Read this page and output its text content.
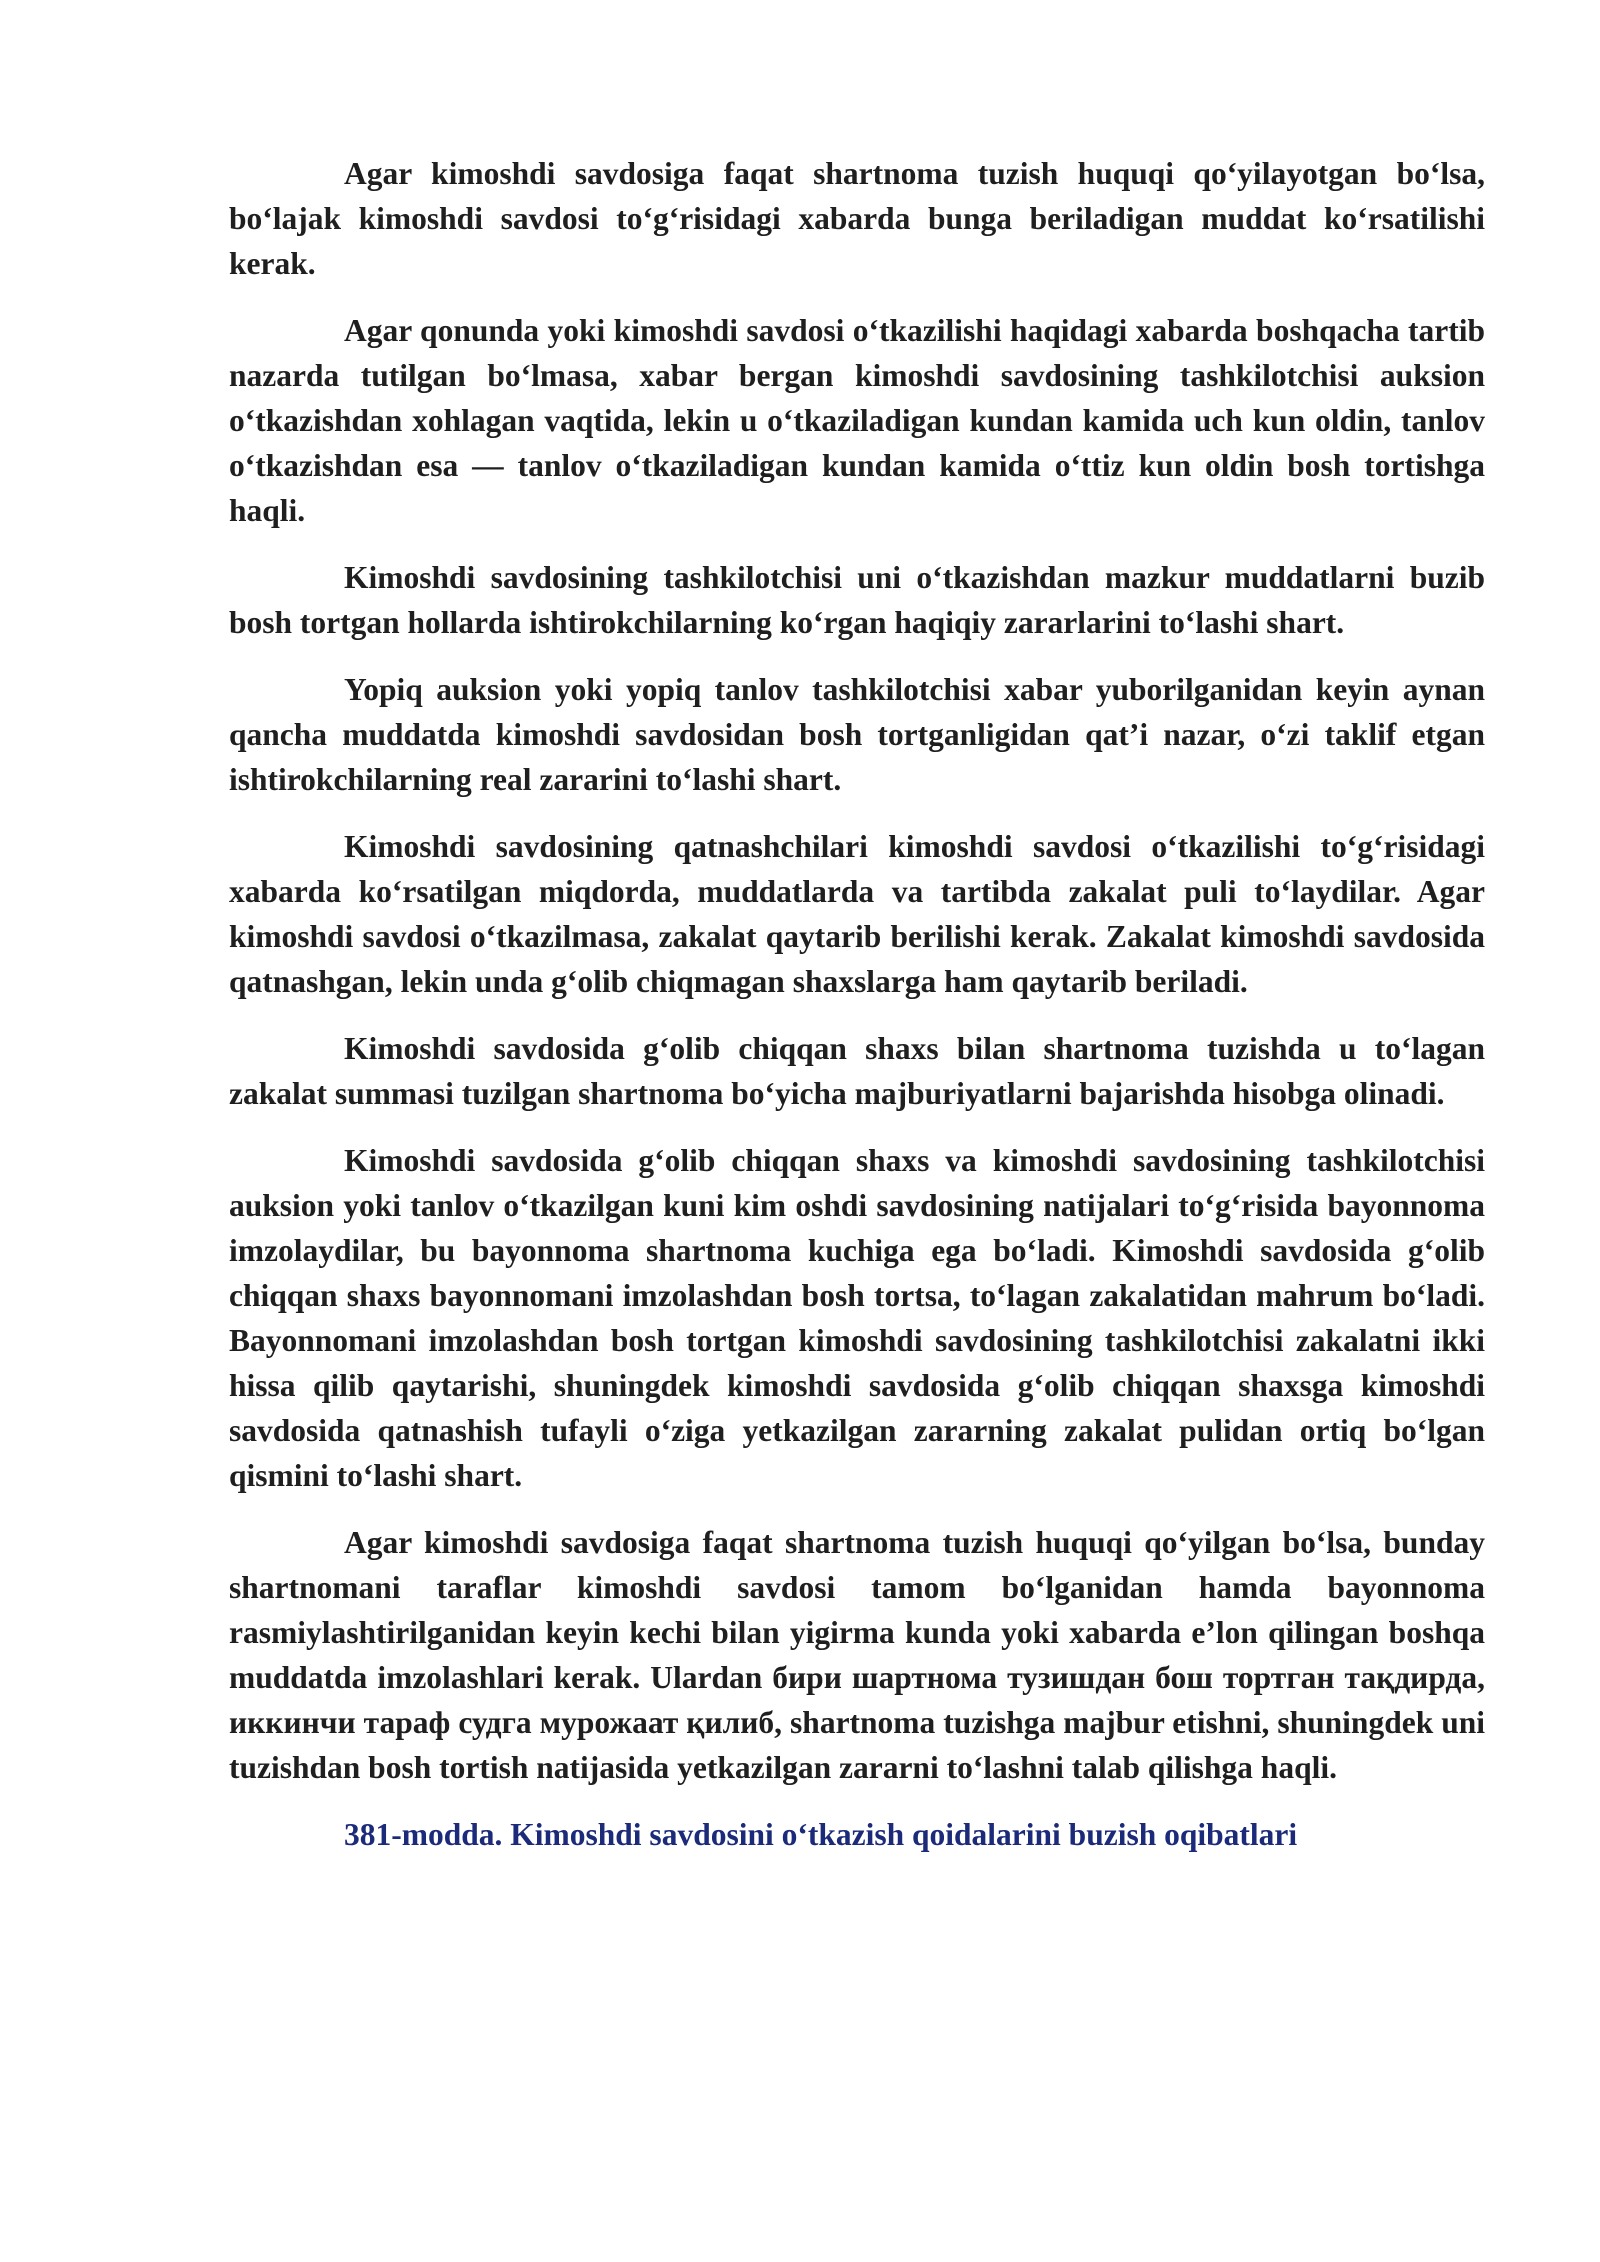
Agar kimoshdi savdosiga faqat shartnoma tuzish huquqi qo‘yilayotgan bo‘lsa, bo‘lajak kimoshdi savdosi to‘g‘risidagi xabarda bunga beriladigan muddat ko‘rsatilishi kerak.

Agar qonunda yoki kimoshdi savdosi o‘tkazilishi haqidagi xabarda boshqacha tartib nazarda tutilgan bo‘lmasa, xabar bergan kimoshdi savdosining tashkilotchisi auksion o‘tkazishdan xohlagan vaqtida, lekin u o‘tkaziladigan kundan kamida uch kun oldin, tanlov o‘tkazishdan esa — tanlov o‘tkaziladigan kundan kamida o‘ttiz kun oldin bosh tortishga haqli.

Kimoshdi savdosining tashkilotchisi uni o‘tkazishdan mazkur muddatlarni buzib bosh tortgan hollarda ishtirokchilarning ko‘rgan haqiqiy zararlarini to‘lashi shart.

Yopiq auksion yoki yopiq tanlov tashkilotchisi xabar yuborilganidan keyin aynan qancha muddatda kimoshdi savdosidan bosh tortganligidan qat’i nazar, o‘zi taklif etgan ishtirokchilarning real zararini to‘lashi shart.

Kimoshdi savdosining qatnashchilari kimoshdi savdosi o‘tkazilishi to‘g‘risidagi xabarda ko‘rsatilgan miqdorda, muddatlarda va tartibda zakalat puli to‘laydilar. Agar kimoshdi savdosi o‘tkazilmasa, zakalat qaytarib berilishi kerak. Zakalat kimoshdi savdosida qatnashgan, lekin unda g‘olib chiqmagan shaxslarga ham qaytarib beriladi.

Kimoshdi savdosida g‘olib chiqqan shaxs bilan shartnoma tuzishda u to‘lagan zakalat summasi tuzilgan shartnoma bo‘yicha majburiyatlarni bajarishda hisobga olinadi.

Kimoshdi savdosida g‘olib chiqqan shaxs va kimoshdi savdosining tashkilotchisi auksion yoki tanlov o‘tkazilgan kuni kim oshdi savdosining natijalari to‘g‘risida bayonnoma imzolaydilar, bu bayonnoma shartnoma kuchiga ega bo‘ladi. Kimoshdi savdosida g‘olib chiqqan shaxs bayonnomani imzolashdan bosh tortsa, to‘lagan zakalatidan mahrum bo‘ladi. Bayonnomani imzolashdan bosh tortgan kimoshdi savdosining tashkilotchisi zakalatni ikki hissa qilib qaytarishi, shuningdek kimoshdi savdosida g‘olib chiqqan shaxsga kimoshdi savdosida qatnashish tufayli o‘ziga yetkazilgan zararning zakalat pulidan ortiq bo‘lgan qismini to‘lashi shart.

Agar kimoshdi savdosiga faqat shartnoma tuzish huquqi qo‘yilgan bo‘lsa, bunday shartnomani taraflar kimoshdi savdosi tamom bo‘lganidan hamda bayonnoma rasmiylashtirilganidan keyin kechi bilan yigirma kunda yoki xabarda e’lon qilingan boshqa muddatda imzolashlari kerak. Ulardan бири шартнома тузишдан бош тортган тақдирда, иккинчи тараф судга мурожаат қилиб, shartnoma tuzishga majbur etishni, shuningdek uni tuzishdan bosh tortish natijasida yetkazilgan zararni to‘lashni talab qilishga haqli.

381-modda. Kimoshdi savdosini o‘tkazish qoidalarini buzish oqibatlari
